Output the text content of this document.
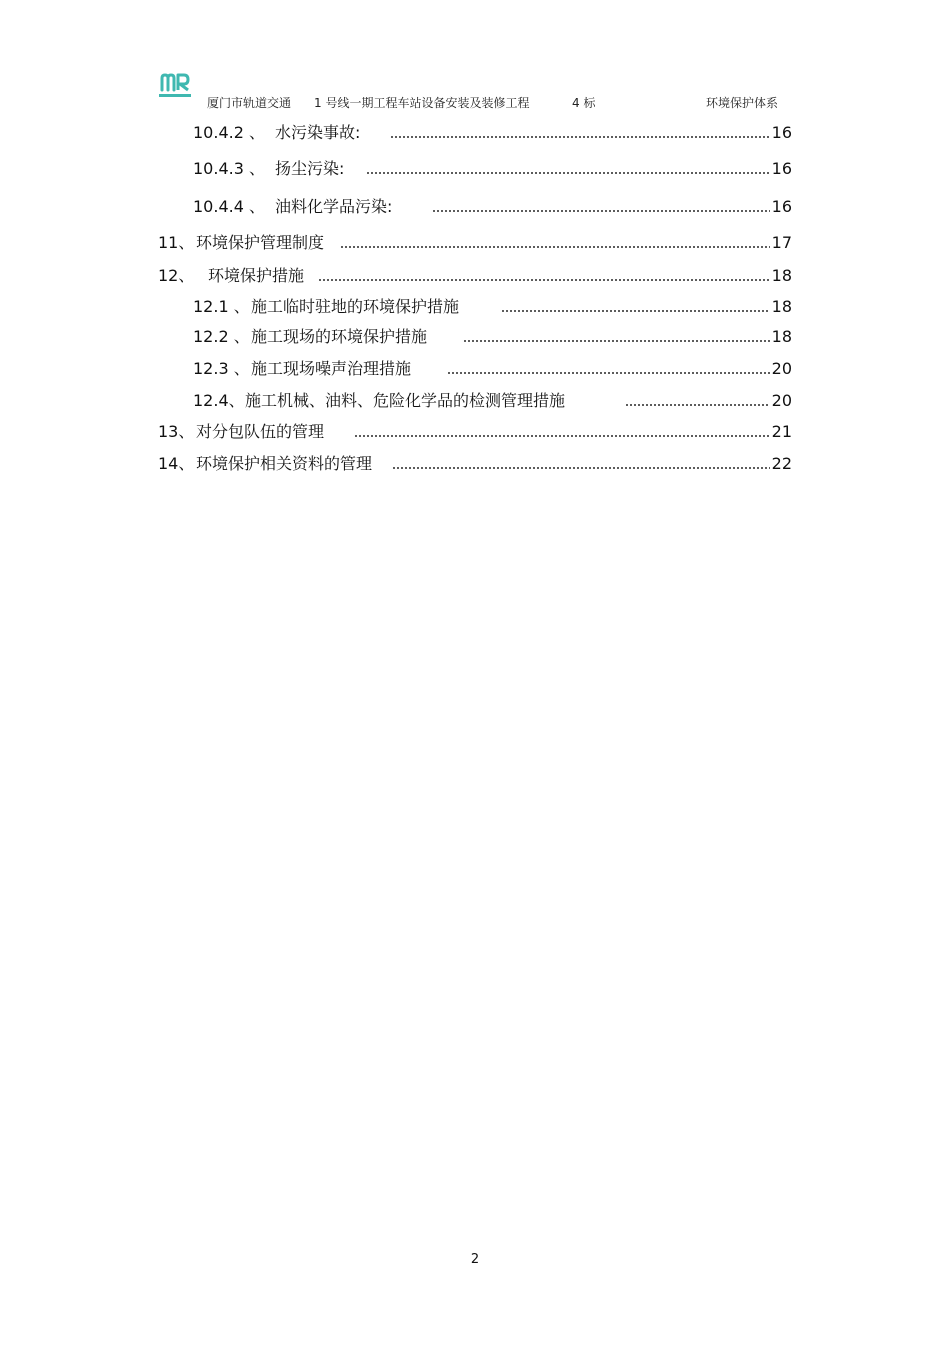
厦门市轨道交通 1 号线一期工程车站设备安装及装修工程	4 标	环境保护体系
10.4.2 、 水污染事故:	16
10.4.3 、 扬尘污染:	16
10.4.4 、 油料化学品污染:	16
11、 环境保护管理制度	17
12、 环境保护措施	18
12.1 、 施工临时驻地的环境保护措施	18
12.2 、 施工现场的环境保护措施	18
12.3 、 施工现场噪声治理措施	20
12.4、 施工机械、油料、危险化学品的检测管理措施	20
13、 对分包队伍的管理	21
14、 环境保护相关资料的管理	22
2
